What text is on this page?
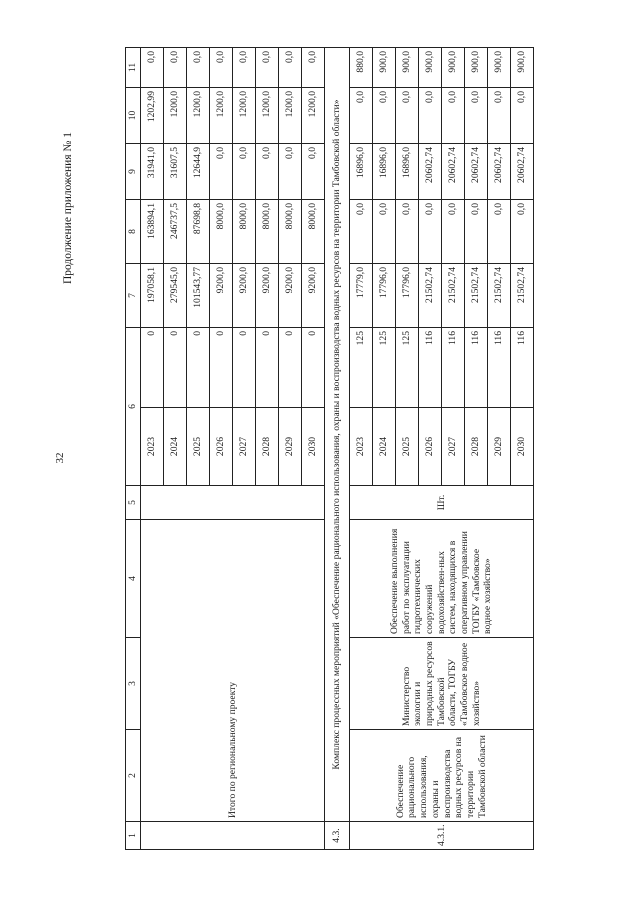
32
Продолжение приложения № 1
1	2	3	4	5	6		7	8	9	10	11
	Итого по региональному проекту				2023	0	197058,1	163894,1	31941,0	1202,99	0,0
					2024	0	279545,0	246737,5	31607,5	1200,0	0,0
					2025	0	101543,77	87698,8	12644,9	1200,0	0,0
					2026	0	9200,0	8000,0	0,0	1200,0	0,0
					2027	0	9200,0	8000,0	0,0	1200,0	0,0
					2028	0	9200,0	8000,0	0,0	1200,0	0,0
					2029	0	9200,0	8000,0	0,0	1200,0	0,0
					2030	0	9200,0	8000,0	0,0	1200,0	0,0
4.3.	Комплекс процессных мероприятий «Обеспечение рационального использования, охраны и воспроизводства водных ресурсов на территории Тамбовской области»										
4.3.1.	Обеспечение рационального использования, охраны и воспроизводства водных ресурсов на территории Тамбовской области	Министерство экологии и природных ресурсов Тамбовской области, ТОГБУ «Тамбовское водное хозяйство»	Обеспечение выполнения работ по эксплуатации гидротехнических сооружений водохозяйствен-ных систем, находящихся в оперативном управлении ТОГБУ «Тамбовское водное хозяйство»	Шт.	2023	125	17779,0	0,0	16896,0	0,0	880,0
					2024	125	17796,0	0,0	16896,0	0,0	900,0
					2025	125	17796,0	0,0	16896,0	0,0	900,0
					2026	116	21502,74	0,0	20602,74	0,0	900,0
					2027	116	21502,74	0,0	20602,74	0,0	900,0
					2028	116	21502,74	0,0	20602,74	0,0	900,0
					2029	116	21502,74	0,0	20602,74	0,0	900,0
					2030	116	21502,74	0,0	20602,74	0,0	900,0
